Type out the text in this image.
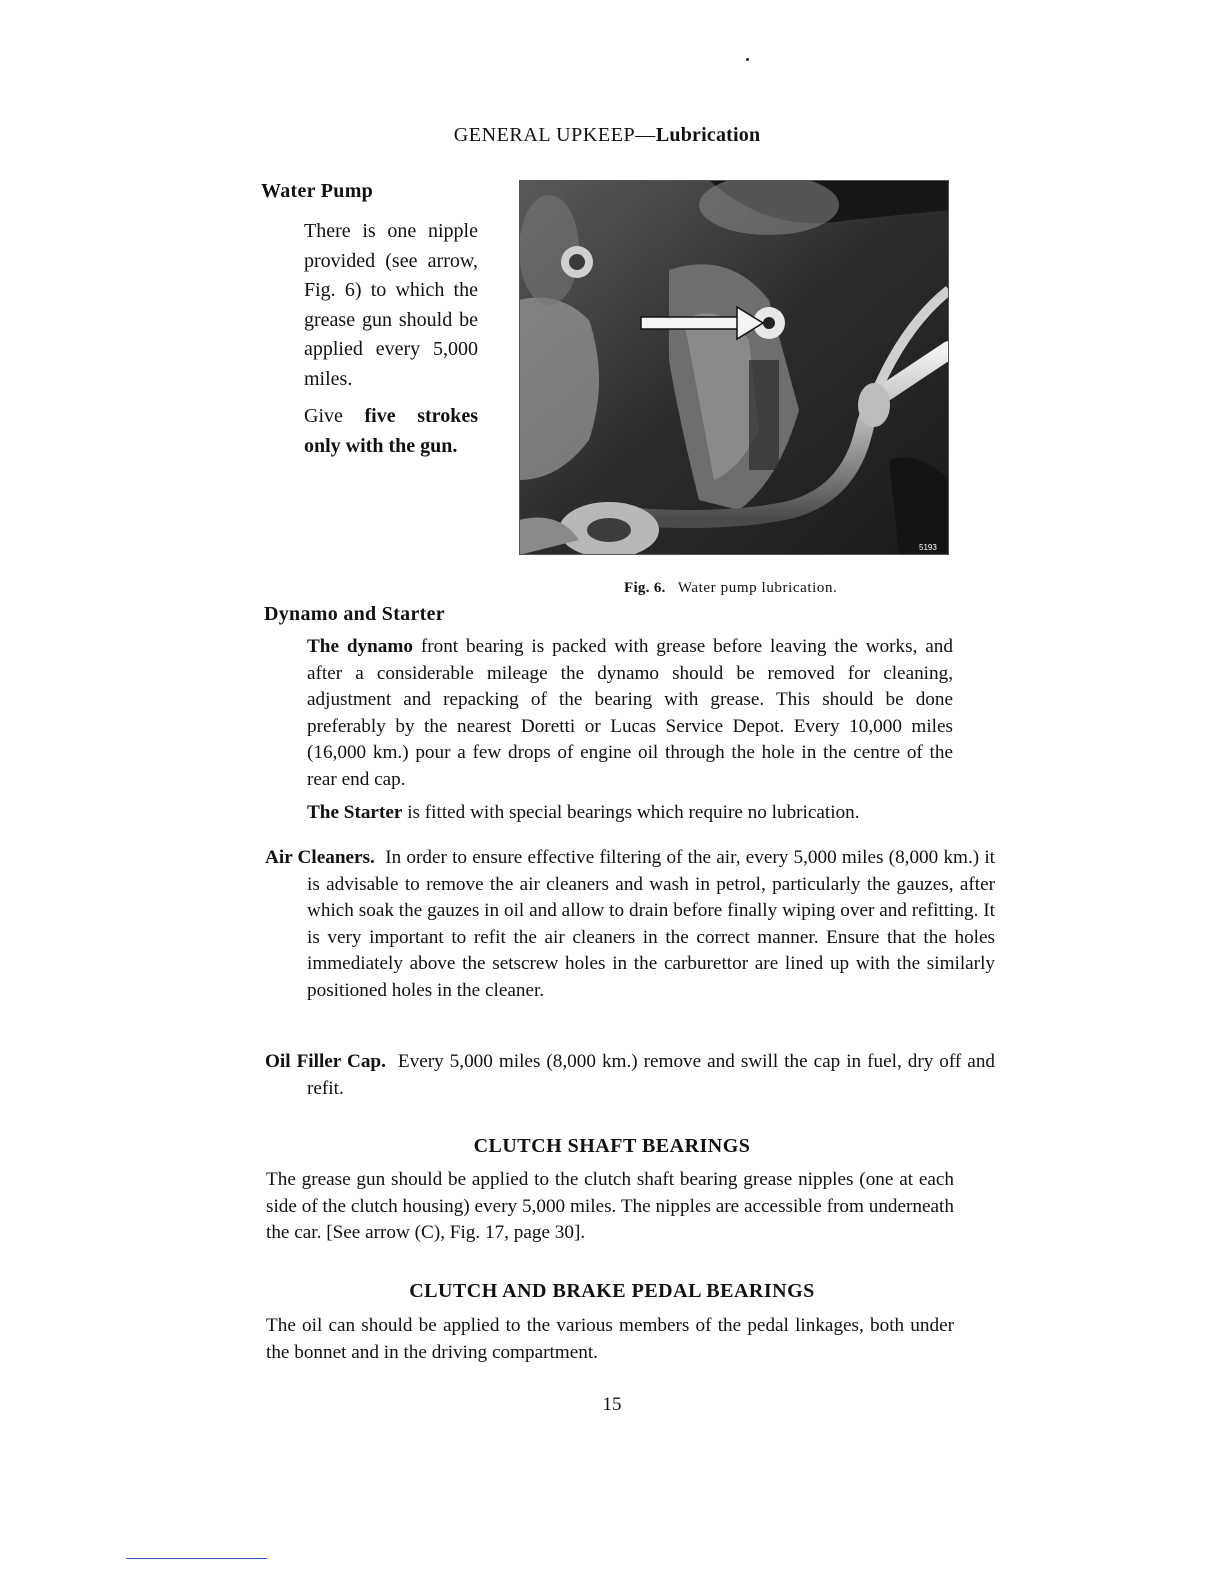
GENERAL UPKEEP—Lubrication
Water Pump

There is one nipple provided (see arrow, Fig. 6) to which the grease gun should be applied every 5,000 miles.

Give five strokes only with the gun.

5193
Fig. 6. Water pump lubrication.
Dynamo and Starter

The dynamo front bearing is packed with grease before leaving the works, and after a considerable mileage the dynamo should be removed for cleaning, adjustment and repacking of the bearing with grease. This should be done preferably by the nearest Doretti or Lucas Service Depot. Every 10,000 miles (16,000 km.) pour a few drops of engine oil through the hole in the centre of the rear end cap.

The Starter is fitted with special bearings which require no lubrication.

Air Cleaners. In order to ensure effective filtering of the air, every 5,000 miles (8,000 km.) it is advisable to remove the air cleaners and wash in petrol, particularly the gauzes, after which soak the gauzes in oil and allow to drain before finally wiping over and refitting. It is very important to refit the air cleaners in the correct manner. Ensure that the holes immediately above the setscrew holes in the carburettor are lined up with the similarly positioned holes in the cleaner.
Oil Filler Cap. Every 5,000 miles (8,000 km.) remove and swill the cap in fuel, dry off and refit.
CLUTCH SHAFT BEARINGS
The grease gun should be applied to the clutch shaft bearing grease nipples (one at each side of the clutch housing) every 5,000 miles. The nipples are accessible from underneath the car. [See arrow (C), Fig. 17, page 30].
CLUTCH AND BRAKE PEDAL BEARINGS
The oil can should be applied to the various members of the pedal linkages, both under the bonnet and in the driving compartment.
15
